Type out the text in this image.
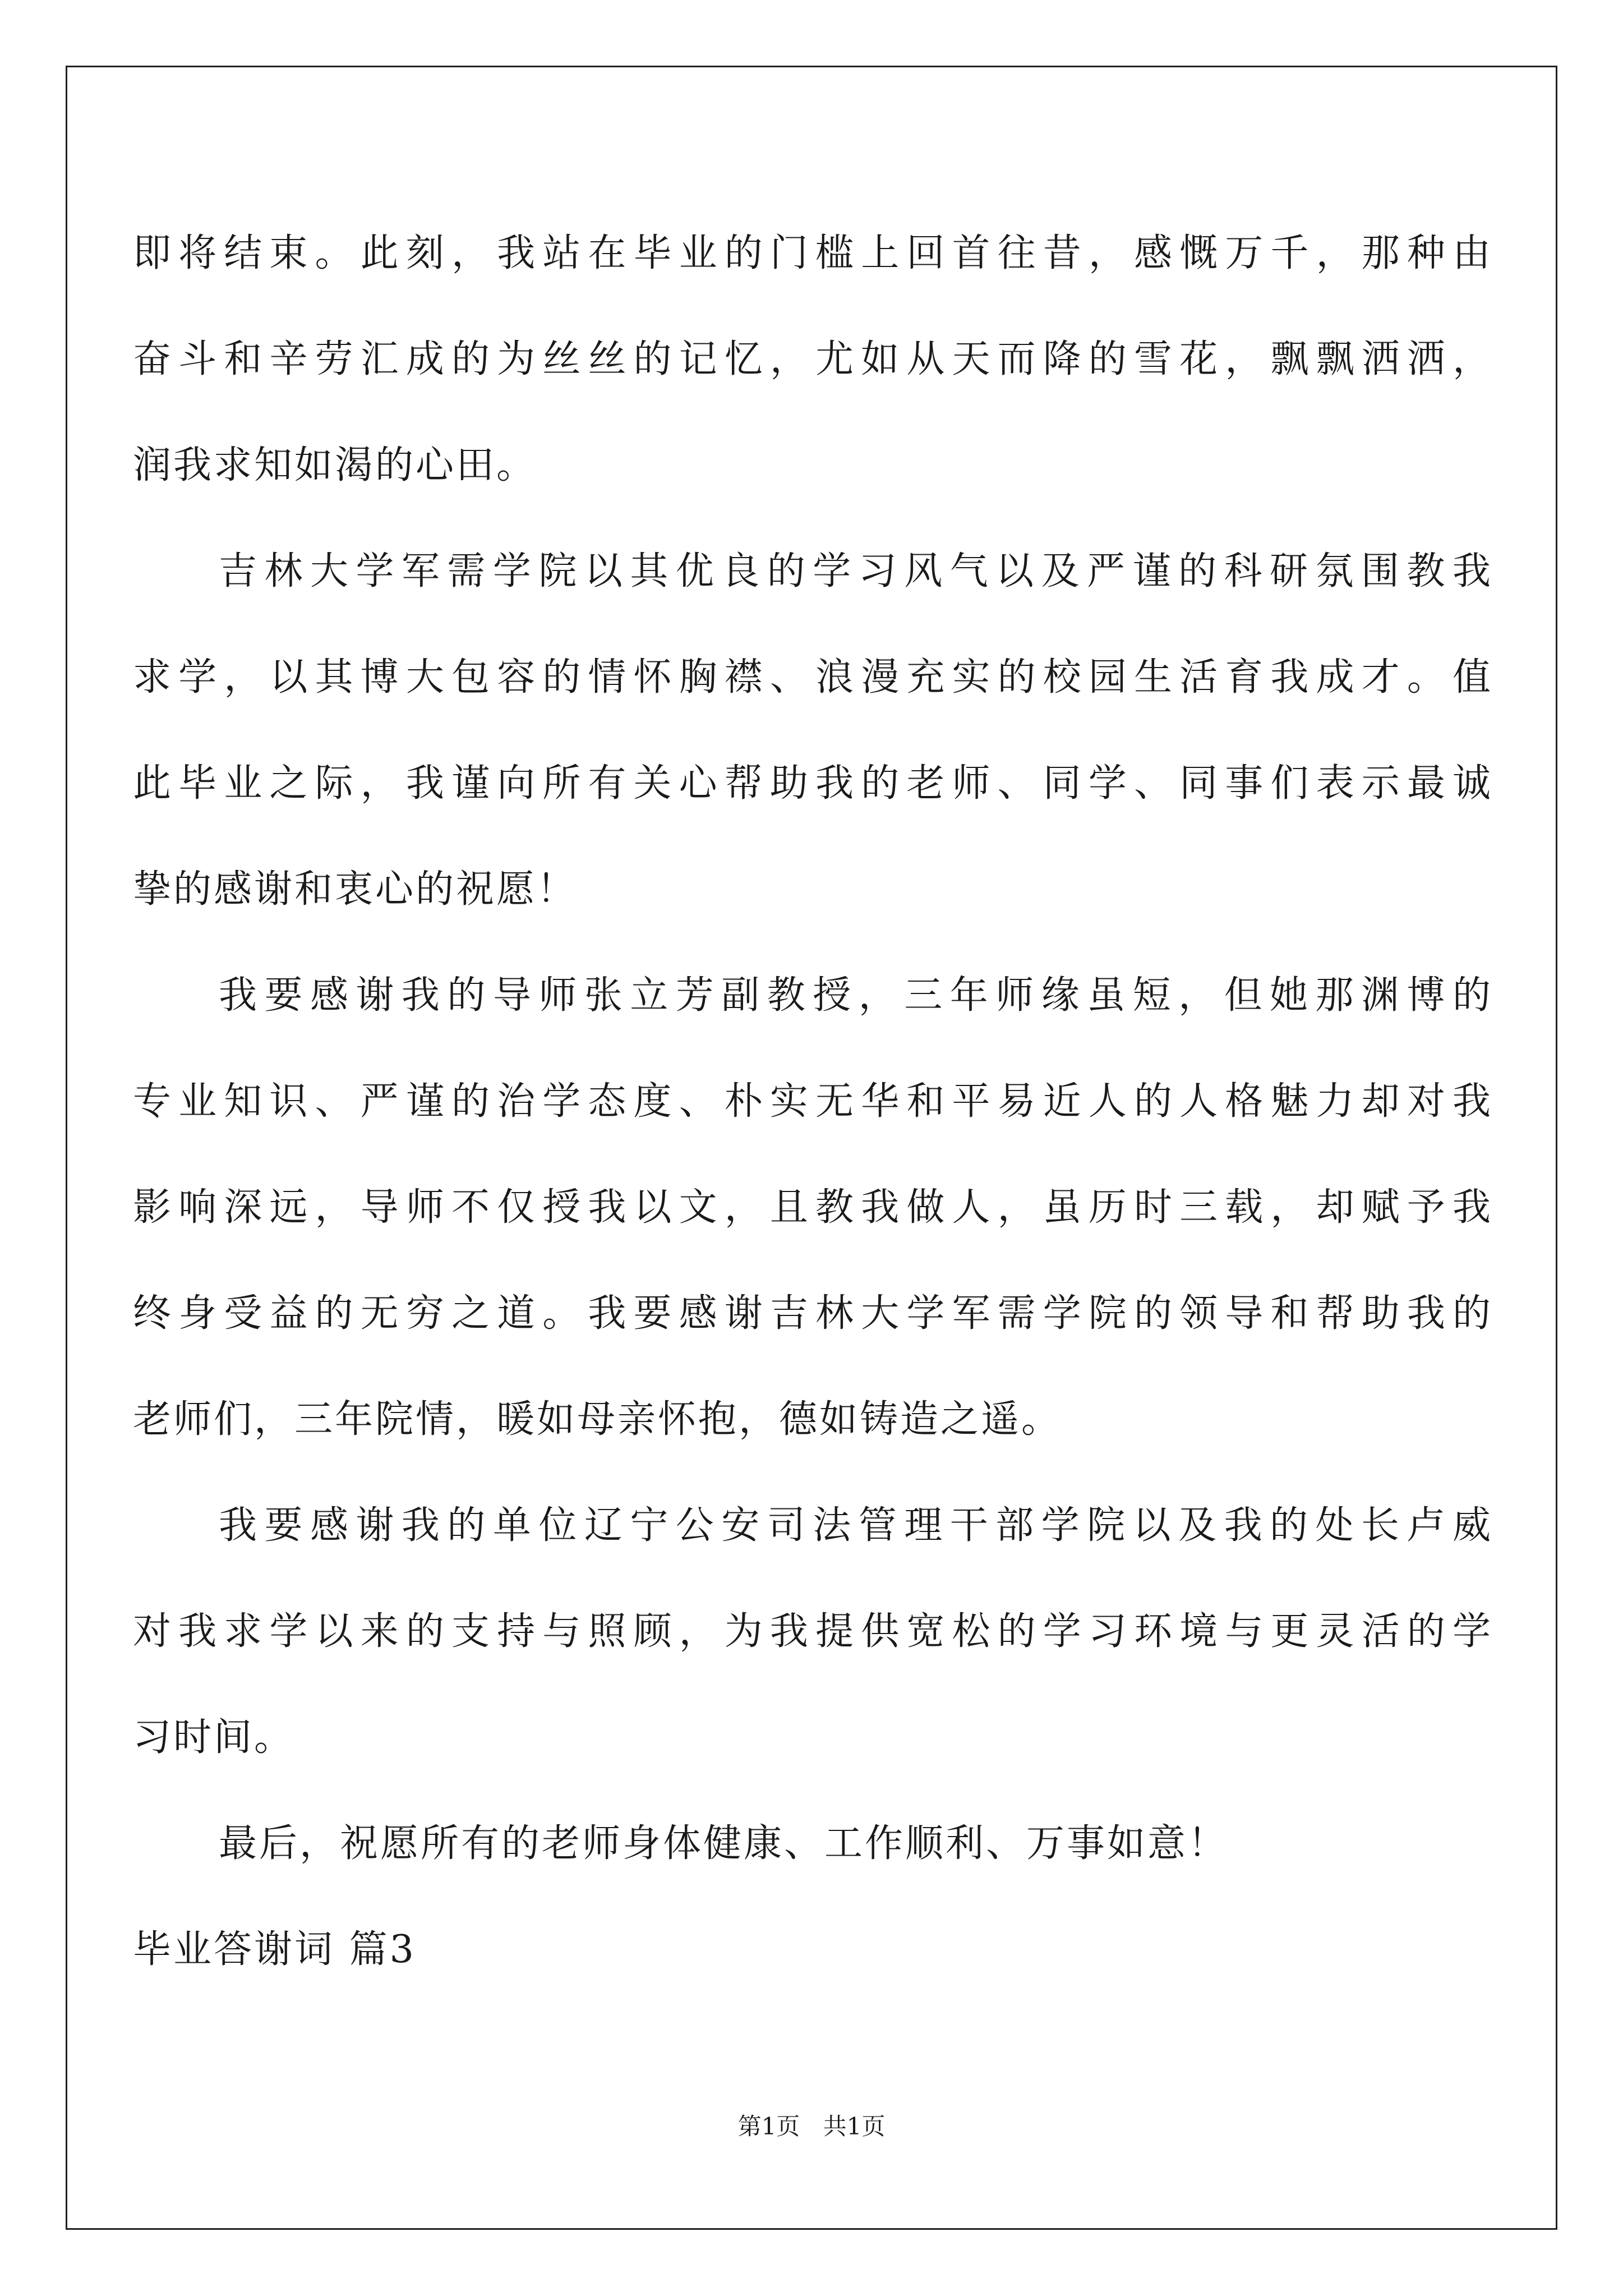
即将结束。此刻，我站在毕业的门槛上回首往昔，感慨万千，那种由
奋斗和辛劳汇成的为丝丝的记忆，尤如从天而降的雪花，飘飘洒洒，
润我求知如渴的心田。
吉林大学军需学院以其优良的学习风气以及严谨的科研氛围教我
求学，以其博大包容的情怀胸襟、浪漫充实的校园生活育我成才。值
此毕业之际，我谨向所有关心帮助我的老师、同学、同事们表示最诚
挚的感谢和衷心的祝愿！
我要感谢我的导师张立芳副教授，三年师缘虽短，但她那渊博的
专业知识、严谨的治学态度、朴实无华和平易近人的人格魅力却对我
影响深远，导师不仅授我以文，且教我做人，虽历时三载，却赋予我
终身受益的无穷之道。我要感谢吉林大学军需学院的领导和帮助我的
老师们，三年院情，暖如母亲怀抱，德如铸造之遥。
我要感谢我的单位辽宁公安司法管理干部学院以及我的处长卢威
对我求学以来的支持与照顾，为我提供宽松的学习环境与更灵活的学
习时间。
最后，祝愿所有的老师身体健康、工作顺利、万事如意！
毕业答谢词 篇3
第1页 共1页
